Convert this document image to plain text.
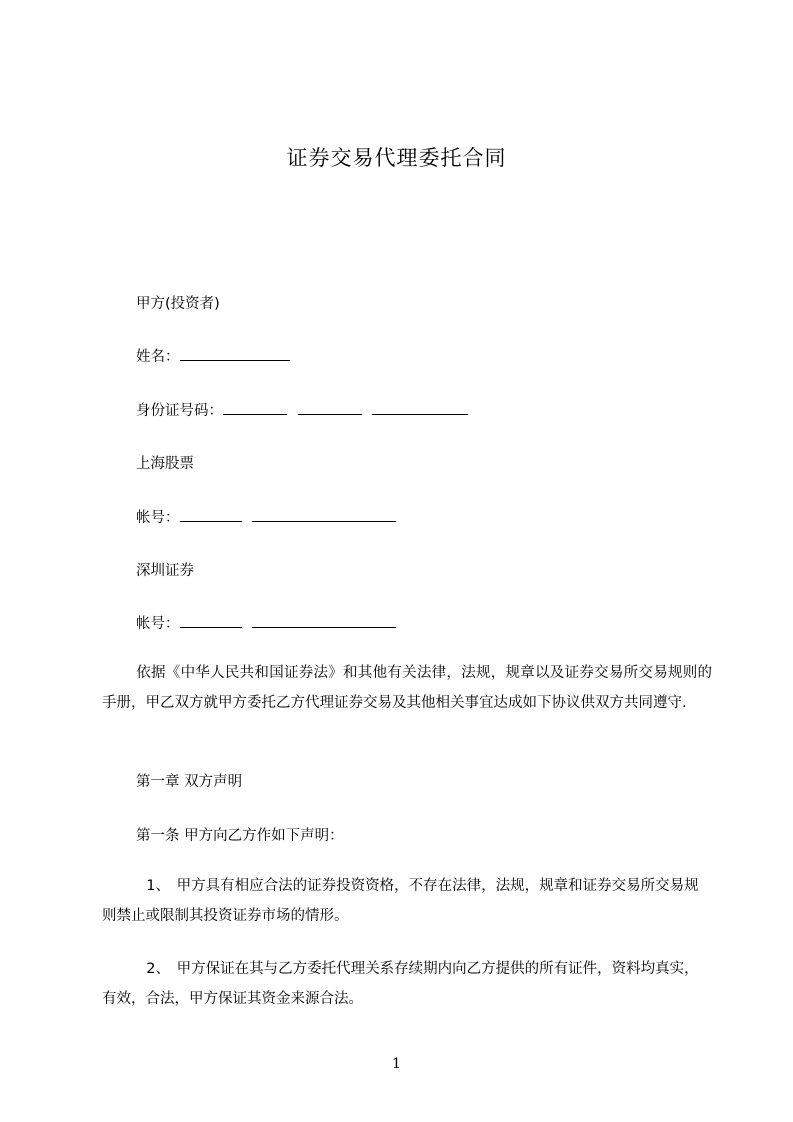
证券交易代理委托合同
甲方(投资者)
姓名：
身份证号码：
上海股票
帐号：
深圳证券
帐号：
依据《中华人民共和国证券法》和其他有关法律，法规，规章以及证券交易所交易规则的手册，甲乙双方就甲方委托乙方代理证券交易及其他相关事宜达成如下协议供双方共同遵守.
第一章 双方声明
第一条 甲方向乙方作如下声明：
1、 甲方具有相应合法的证券投资资格，不存在法律，法规，规章和证券交易所交易规则禁止或限制其投资证券市场的情形。
2、 甲方保证在其与乙方委托代理关系存续期内向乙方提供的所有证件，资料均真实，有效，合法，甲方保证其资金来源合法。
1
